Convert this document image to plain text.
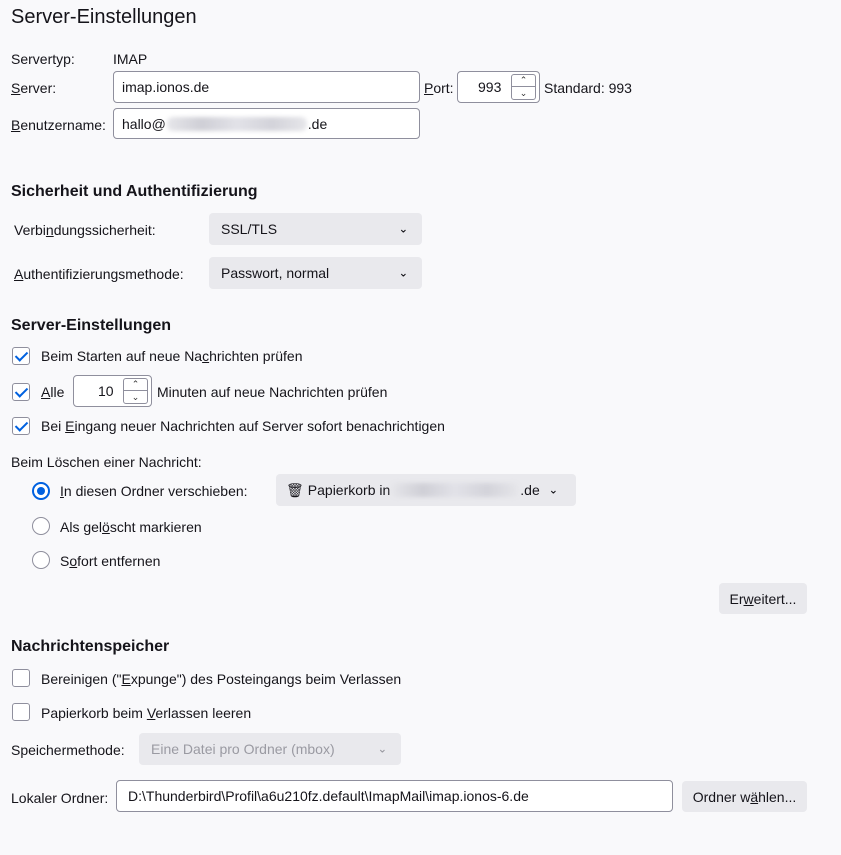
Server-Einstellungen
Servertyp:	IMAP
Server:	imap.ionos.de	Port: 993	⌃
⌄	Standard: 993
Benutzername: hallo@	.de
Sicherheit und Authentifizierung
Verbindungssicherheit:	SSL/TLS	⌄
Authentifizierungsmethode:	Passwort, normal	⌄
Server-Einstellungen
Beim Starten auf neue Nachrichten prüfen
Alle 10	⌃
⌄	Minuten auf neue Nachrichten prüfen
Bei Eingang neuer Nachrichten auf Server sofort benachrichtigen
Beim Löschen einer Nachricht:
In diesen Ordner verschieben:	🗑 Papierkorb in	.de ⌄
Als gelöscht markieren
Sofort entfernen
Er w eitert...
Nachrichtenspeicher
Bereinigen ("Expunge") des Posteingangs beim Verlassen
Papierkorb beim Verlassen leeren
Speichermethode: Eine Datei pro Ordner (mbox)	⌄
Lokaler Ordner: D:\Thunderbird\Profil\a6u210fz.default\ImapMail\imap.ionos-6.de	Ordner w ä hlen...
